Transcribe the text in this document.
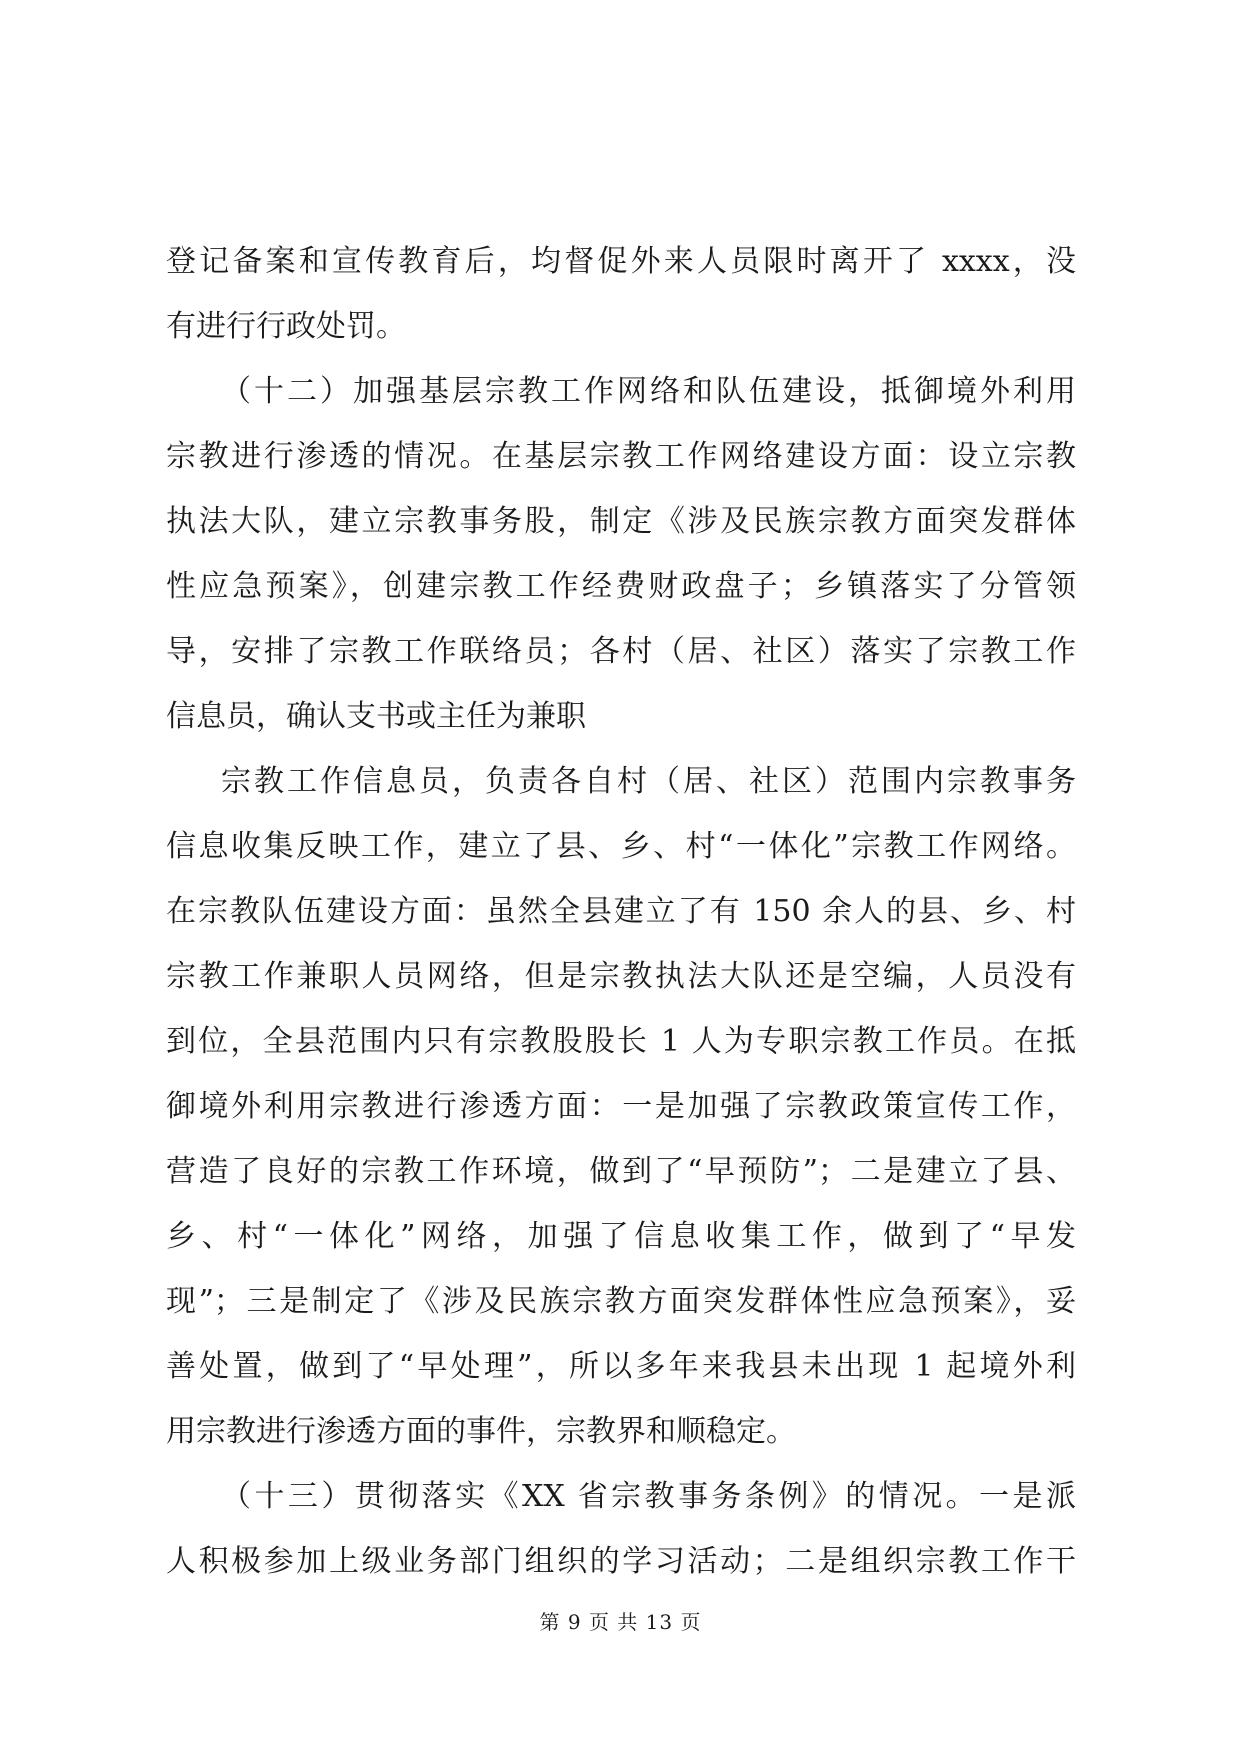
登记备案和宣传教育后，均督促外来人员限时离开了 xxxx，没
有进行行政处罚。
（十二）加强基层宗教工作网络和队伍建设，抵御境外利用
宗教进行渗透的情况。在基层宗教工作网络建设方面：设立宗教
执法大队，建立宗教事务股，制定《涉及民族宗教方面突发群体
性应急预案》，创建宗教工作经费财政盘子；乡镇落实了分管领
导，安排了宗教工作联络员；各村（居、社区）落实了宗教工作
信息员，确认支书或主任为兼职
宗教工作信息员，负责各自村（居、社区）范围内宗教事务
信息收集反映工作，建立了县、乡、村“一体化”宗教工作网络。
在宗教队伍建设方面：虽然全县建立了有 150 余人的县、乡、村
宗教工作兼职人员网络，但是宗教执法大队还是空编，人员没有
到位，全县范围内只有宗教股股长 1 人为专职宗教工作员。在抵
御境外利用宗教进行渗透方面：一是加强了宗教政策宣传工作，
营造了良好的宗教工作环境，做到了“早预防”；二是建立了县、
乡、村“一体化”网络，加强了信息收集工作，做到了“早发
现”；三是制定了《涉及民族宗教方面突发群体性应急预案》，妥
善处置，做到了“早处理”，所以多年来我县未出现 1 起境外利
用宗教进行渗透方面的事件，宗教界和顺稳定。
（十三）贯彻落实《XX 省宗教事务条例》的情况。一是派
人积极参加上级业务部门组织的学习活动；二是组织宗教工作干
第 9 页 共 13 页
